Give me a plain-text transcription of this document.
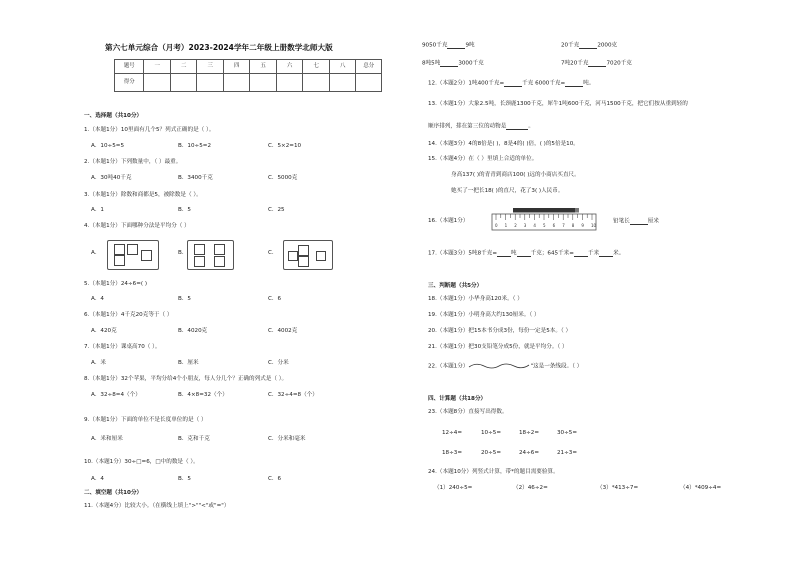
第六七单元综合（月考）2023-2024学年二年级上册数学北师大版
题号	一	二	三	四	五	六	七	八	总分
得分									
一、选择题（共10分）
1.（本题1分）10里面有几个5？列式正确的是（ ）。
A．10÷5=5	B．10÷5=2	C．5×2=10
2.（本题1分）下列数量中，（ ）最重。
A．30吨40千克	B．3400千克	C．5000克
3.（本题1分）除数和商都是5，被除数是（ ）。
A．1	B．5	C．25
4.（本题1分）下面哪种分法是平均分（ ）
A．	B．	C．
5.（本题1分）24÷6=( )
A．4	B．5	C．6
6.（本题1分）4千克20克等于（ ）
A．420克	B．4020克	C．4002克
7.（本题1分）课桌高70（ ）。
A．米	B．厘米	C．分米
8.（本题1分）32个苹果，平均分给4个小朋友，每人分几个？正确的列式是（ ）。
A．32÷8=4（个）	B．4×8=32（个）	C．32÷4=8（个）
9.（本题1分）下面的单位不是长度单位的是（ ）
A．米和厘米	B．克和千克	C．分米和毫米
10.（本题1分）30÷□=6，□中的数是（ ）。
A．4	B．5	C．6
二、填空题（共10分）
11.（本题4分）比较大小。（在横线上填上">""<"或"="）
9050千克	9吨	20千克	2000克
8吨5吨	3000千克	7吨20千克	7020千克
12.（本题2分）1吨400千克=	千克 6000千克=	吨。
13.（本题1分）大象2.5吨，长颈鹿1300千克，犀牛1吨600千克，河马1500千克，把它们按从重到轻的
顺序排列，排在第三位的动物是	。
14.（本题3分）4的8倍是( )，8是4的( )倍，( )的5倍是10。
15.（本题4分）在（ ）里填上合适的单位。
身高137( )的青青到商店100( )远的小商店买直尺。
她买了一把长18( )的直尺，花了3( )人民币。
16.（本题1分）
0 1 2 3 4 5 6 7 8 9 10
铅笔长	厘米
17.（本题3分）5吨8千克=	吨	千克；645千米=	千米	米。
三、判断题（共5分）
18.（本题1分）小华身高120米。（ ）
19.（本题1分）小明身高大约130厘米。（ ）
20.（本题1分）把15本书分成3份，每份一定是5本。（ ）
21.（本题1分）把30支铅笔分成5份，就是平均分。（ ）
22.（本题1分）	"这是一条线段。（ ）
四、计算题（共18分）
23.（本题8分）直接写出得数。
12÷4=	10÷5=	18÷2=	30÷5=
18÷3=	20÷5=	24÷6=	21÷3=
24.（本题10分）列竖式计算，带*的题目需要验算。
（1）240÷5=	（2）46÷2=	（3）*413÷7=	（4）*409÷4=
